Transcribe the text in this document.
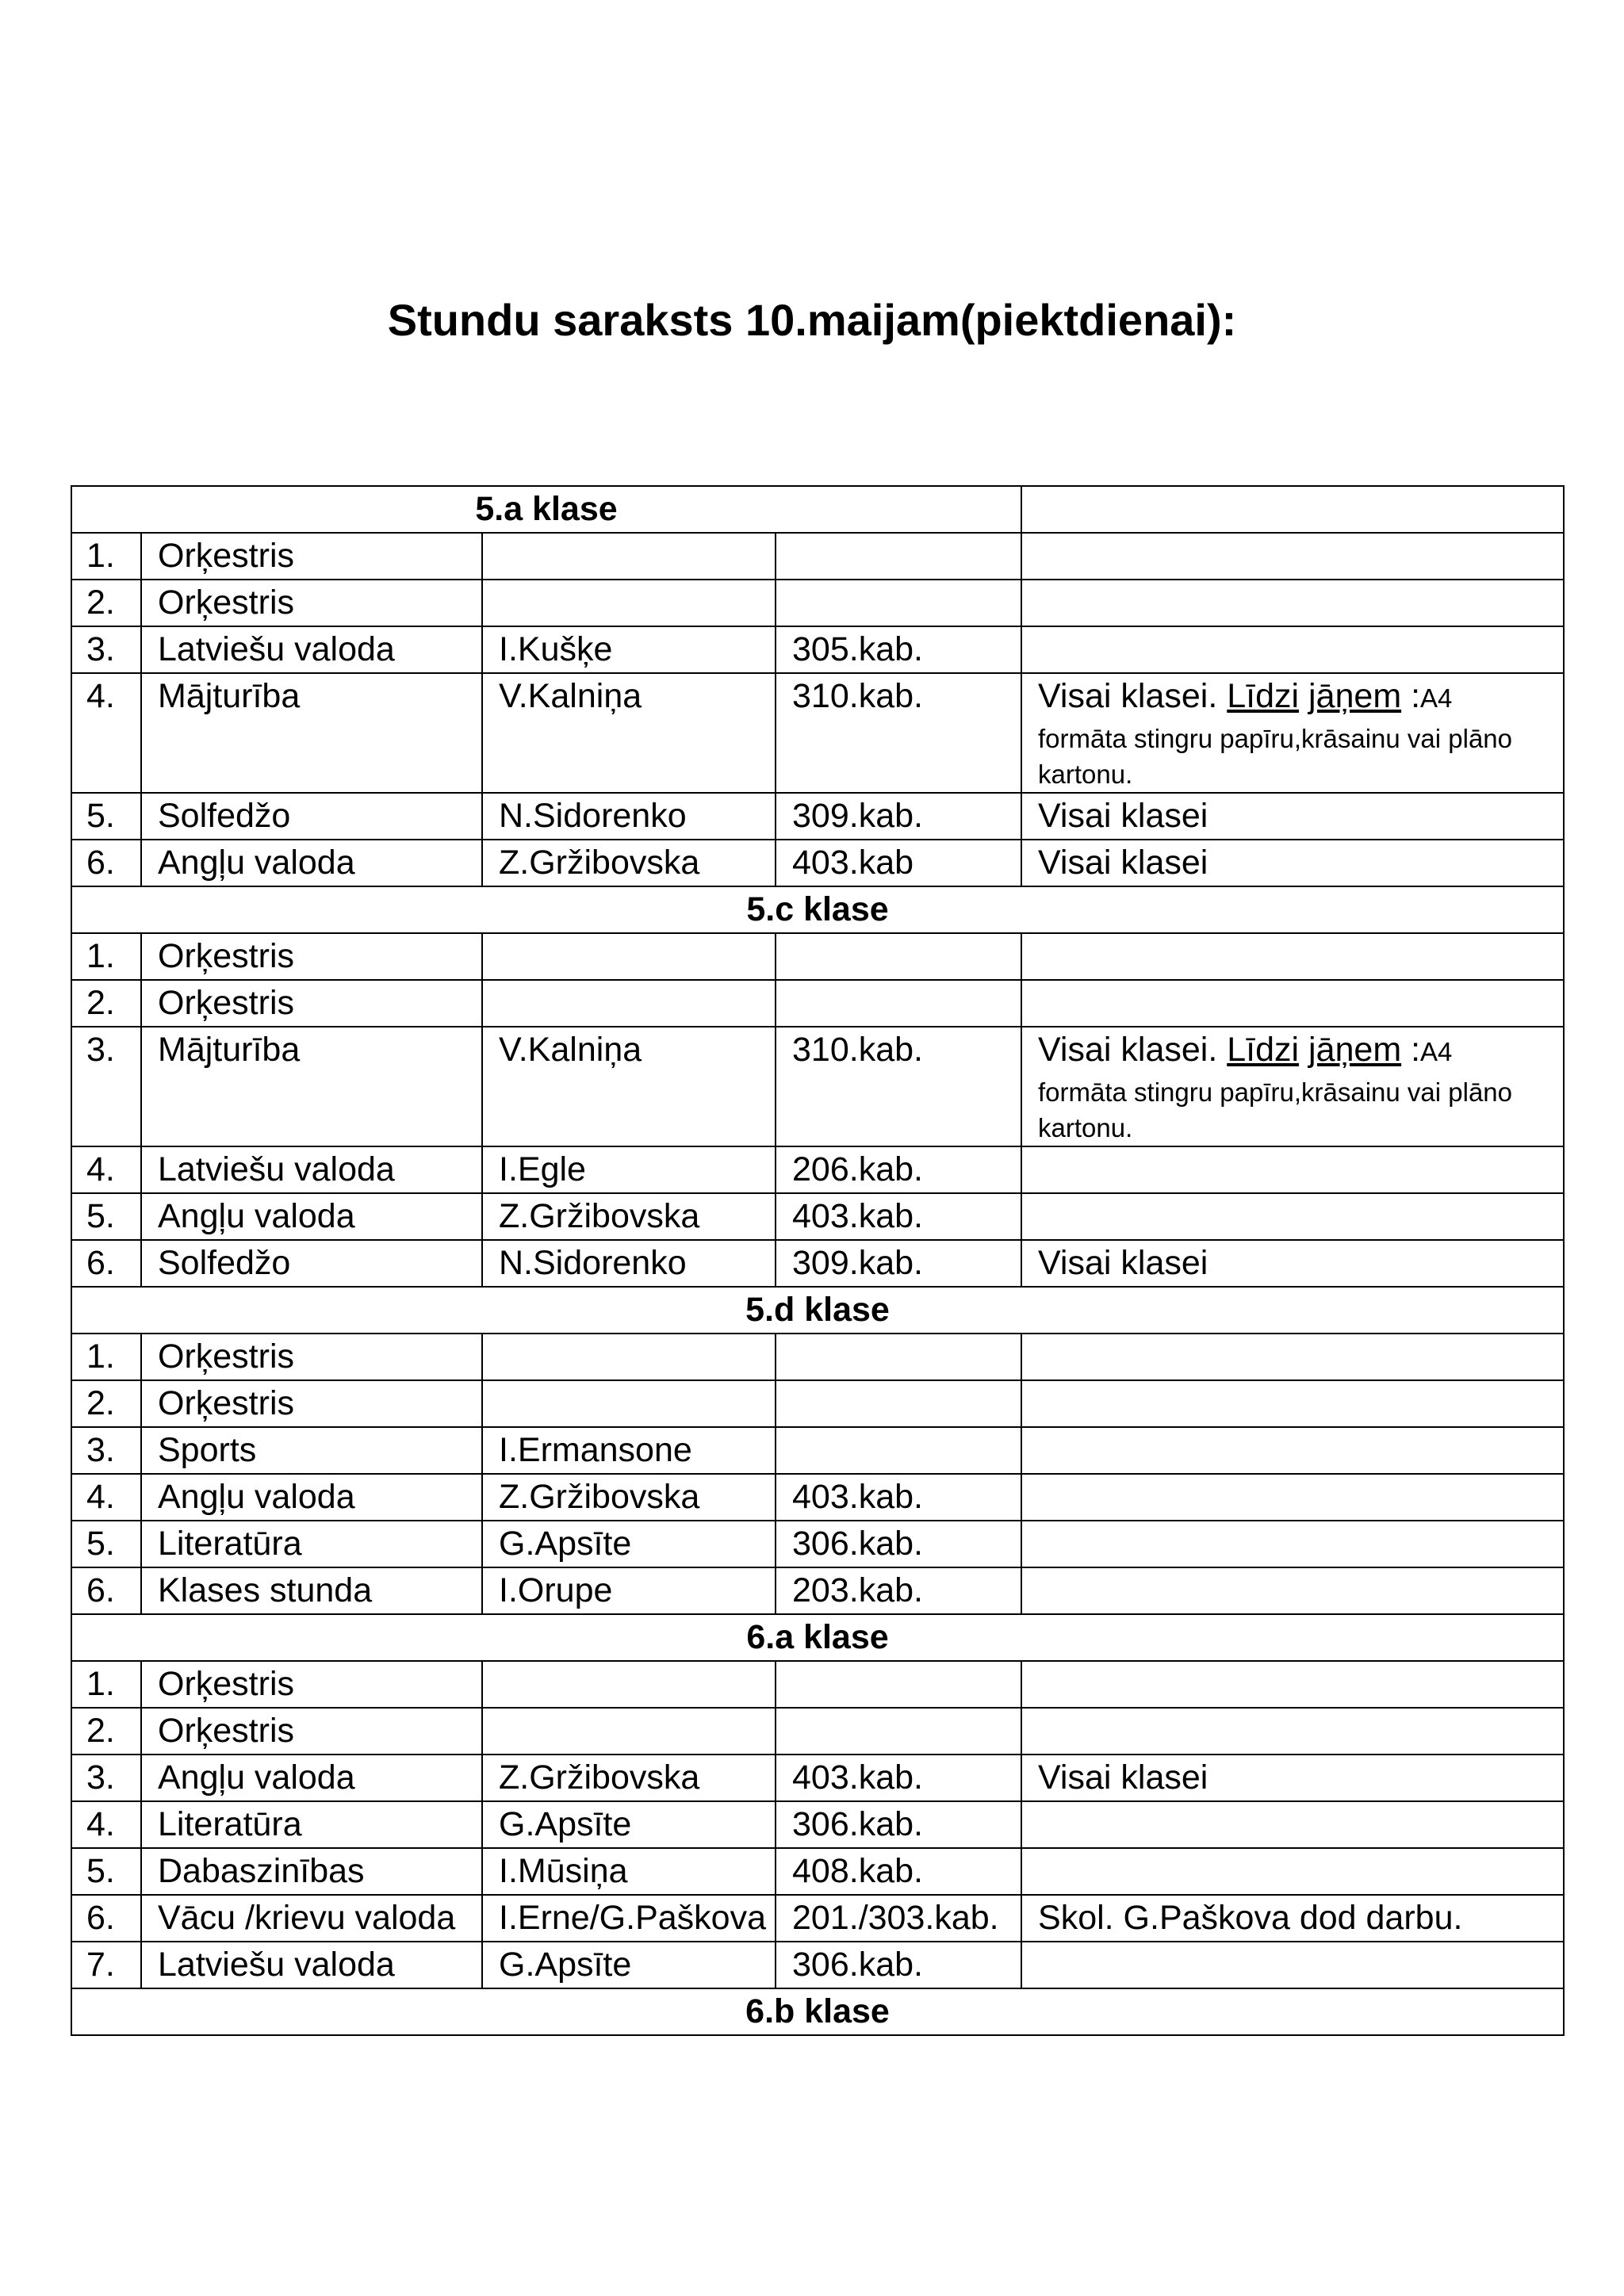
Stundu saraksts 10.maijam(piektdienai):
5.a klase				
1.	Orķestris			
2.	Orķestris			
3.	Latviešu valoda	I.Kušķe	305.kab.	
4.	Mājturība	V.Kalniņa	310.kab.	Visai klasei. Līdzi jāņem :A4
formāta stingru papīru,krāsainu vai plāno kartonu.

5.	Solfedžo	N.Sidorenko	309.kab.	Visai klasei
6.	Angļu valoda	Z.Gržibovska	403.kab	Visai klasei
5.c klase				
1.	Orķestris			
2.	Orķestris			
3.	Mājturība	V.Kalniņa	310.kab.	Visai klasei. Līdzi jāņem :A4
formāta stingru papīru,krāsainu vai plāno kartonu.

4.	Latviešu valoda	I.Egle	206.kab.	
5.	Angļu valoda	Z.Gržibovska	403.kab.	
6.	Solfedžo	N.Sidorenko	309.kab.	Visai klasei
5.d klase				
1.	Orķestris			
2.	Orķestris			
3.	Sports	I.Ermansone		
4.	Angļu valoda	Z.Gržibovska	403.kab.	
5.	Literatūra	G.Apsīte	306.kab.	
6.	Klases stunda	I.Orupe	203.kab.	
6.a klase				
1.	Orķestris			
2.	Orķestris			
3.	Angļu valoda	Z.Gržibovska	403.kab.	Visai klasei
4.	Literatūra	G.Apsīte	306.kab.	
5.	Dabaszinības	I.Mūsiņa	408.kab.	
6.	Vācu /krievu valoda	I.Erne/G.Paškova	201./303.kab.	Skol. G.Paškova dod darbu.
7.	Latviešu valoda	G.Apsīte	306.kab.	
6.b klase				
